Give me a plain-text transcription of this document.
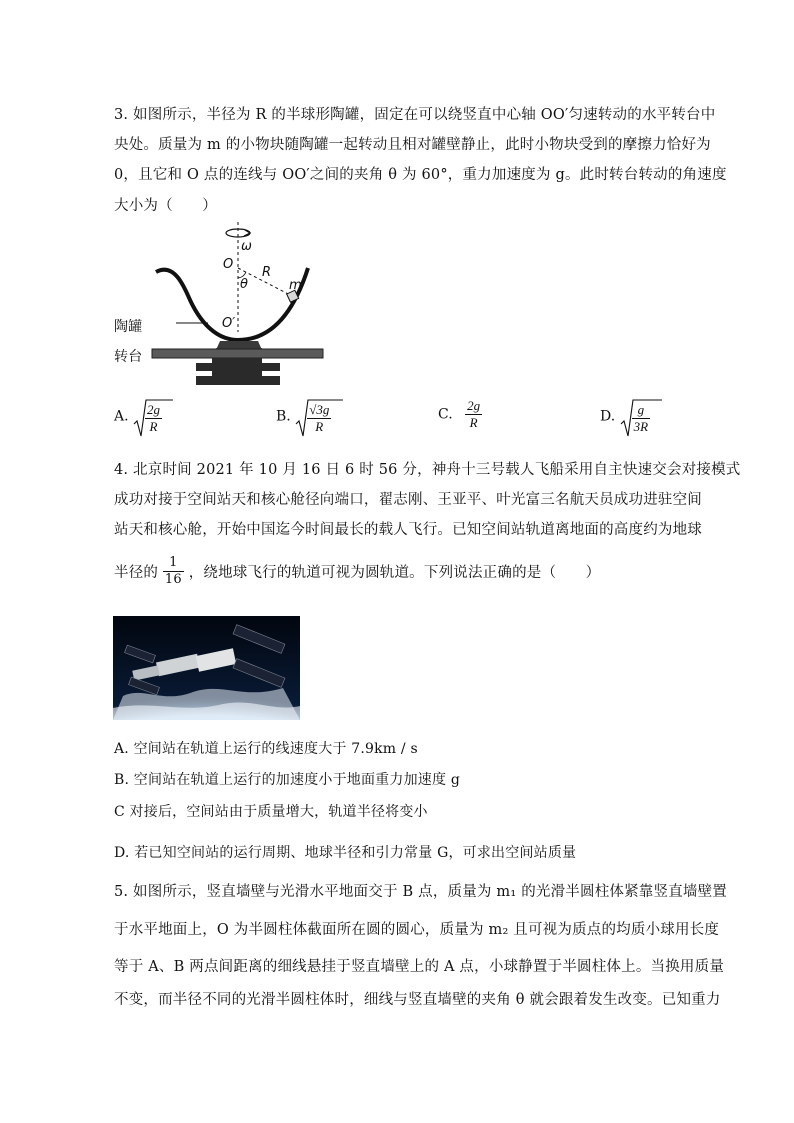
3. 如图所示，半径为 R 的半球形陶罐，固定在可以绕竖直中心轴 OO′匀速转动的水平转台中
央处。质量为 m 的小物块随陶罐一起转动且相对罐壁静止，此时小物块受到的摩擦力恰好为
0，且它和 O 点的连线与 OO′之间的夹角 θ 为 60°，重力加速度为 g。此时转台转动的角速度
大小为（　　）
ω
O
R
θ	m
O′
陶罐
转台
A. $\frac{2g}{R}$	B. $\frac{√3g}{R}$	C. $\frac{2g}{R}$	D. $\frac{g}{3R}$
4. 北京时间 2021 年 10 月 16 日 6 时 56 分，神舟十三号载人飞船采用自主快速交会对接模式
成功对接于空间站天和核心舱径向端口，翟志刚、王亚平、叶光富三名航天员成功进驻空间
站天和核心舱，开始中国迄今时间最长的载人飞行。已知空间站轨道离地面的高度约为地球
半径的 $\frac{1}{16}$ ，绕地球飞行的轨道可视为圆轨道。下列说法正确的是（　　）
A. 空间站在轨道上运行的线速度大于 7.9km / s
B. 空间站在轨道上运行的加速度小于地面重力加速度 g
C 对接后，空间站由于质量增大，轨道半径将变小
D. 若已知空间站的运行周期、地球半径和引力常量 G，可求出空间站质量
5. 如图所示，竖直墙壁与光滑水平地面交于 B 点，质量为 m₁ 的光滑半圆柱体紧靠竖直墙壁置
于水平地面上，O 为半圆柱体截面所在圆的圆心，质量为 m₂ 且可视为质点的均质小球用长度
等于 A、B 两点间距离的细线悬挂于竖直墙壁上的 A 点，小球静置于半圆柱体上。当换用质量
不变，而半径不同的光滑半圆柱体时，细线与竖直墙壁的夹角 θ 就会跟着发生改变。已知重力
